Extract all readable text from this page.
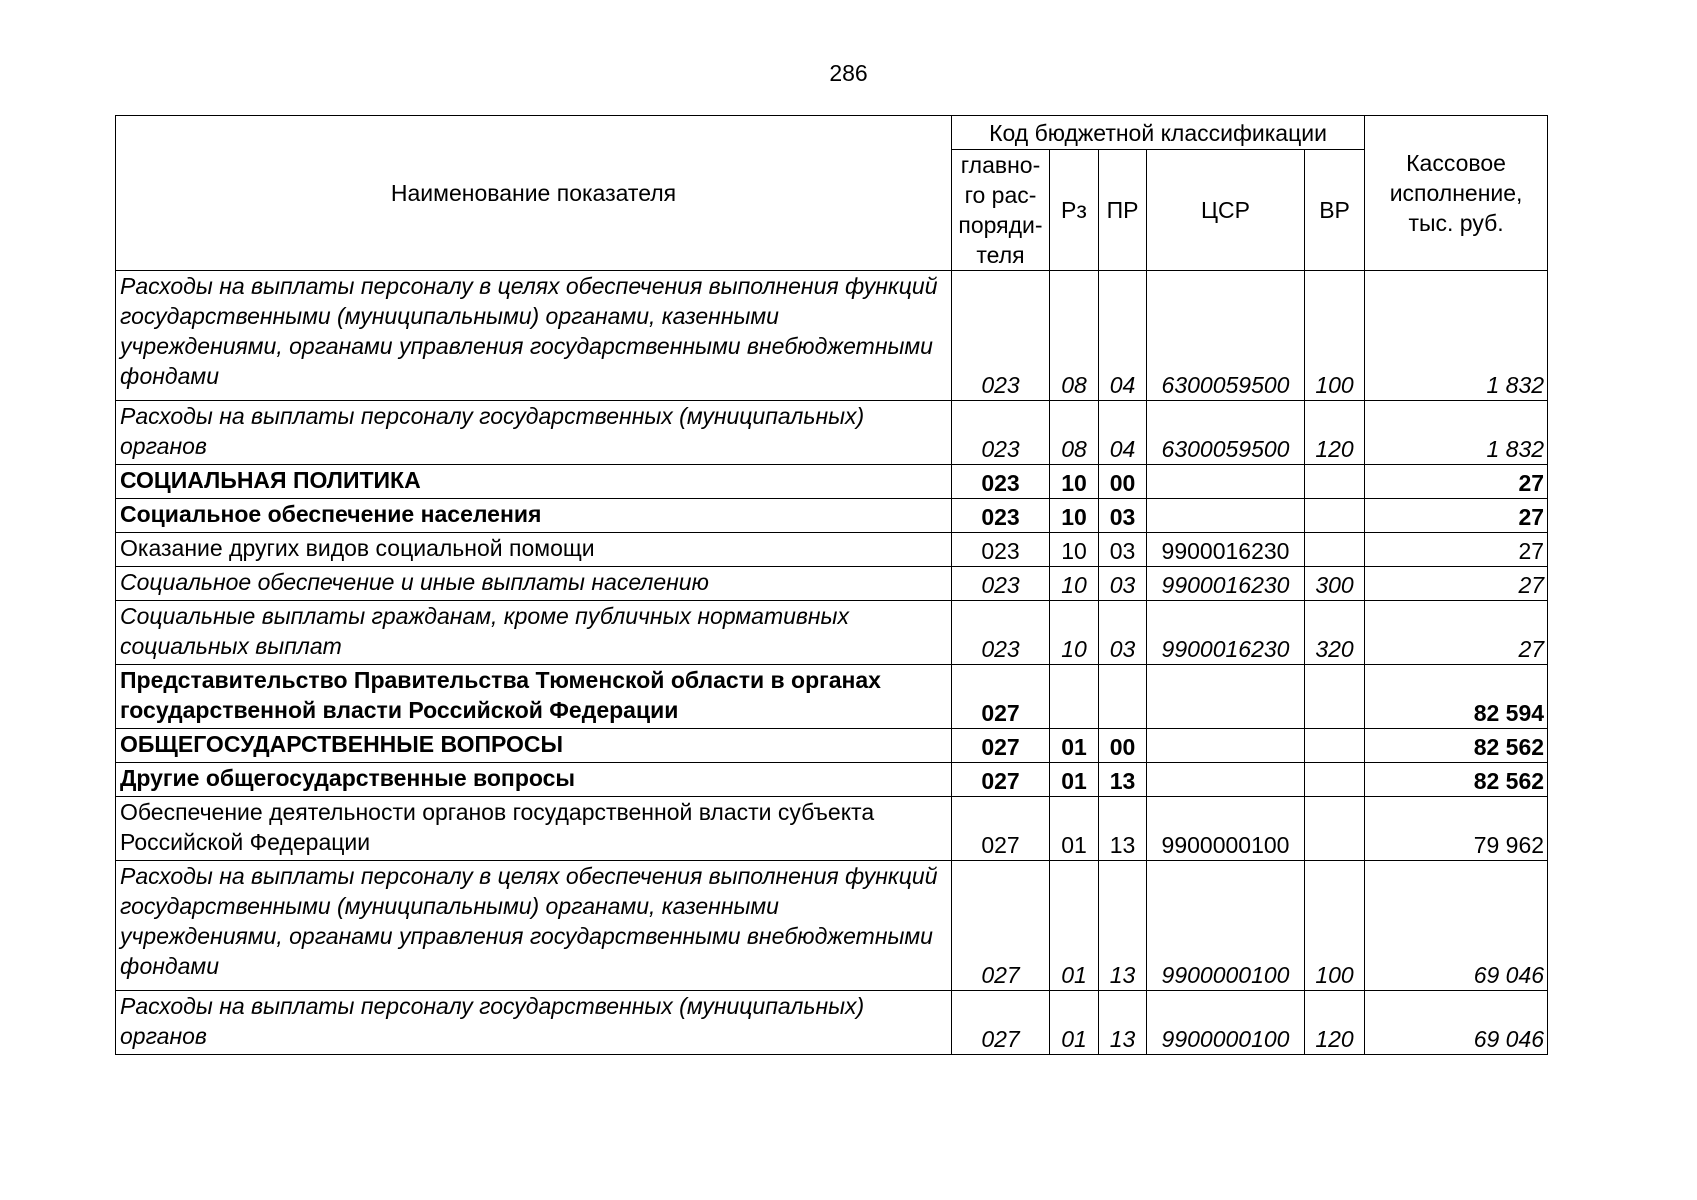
286
Наименование показателя	Код бюджетной классификации					Кассовое исполнение, тыс. руб.
	главно-го рас-поряди-теля	Рз	ПР	ЦСР	ВР	
Расходы на выплаты персоналу в целях обеспечения выполнения функций государственными (муниципальными) органами, казенными учреждениями, органами управления государственными внебюджетными фондами	023	08	04	6300059500	100	1 832
Расходы на выплаты персоналу государственных (муниципальных) органов	023	08	04	6300059500	120	1 832
СОЦИАЛЬНАЯ ПОЛИТИКА	023	10	00			27
Социальное обеспечение населения	023	10	03			27
Оказание других видов социальной помощи	023	10	03	9900016230		27
Социальное обеспечение и иные выплаты населению	023	10	03	9900016230	300	27
Социальные выплаты гражданам, кроме публичных нормативных социальных выплат	023	10	03	9900016230	320	27
Представительство Правительства Тюменской области в органах государственной власти Российской Федерации	027					82 594
ОБЩЕГОСУДАРСТВЕННЫЕ ВОПРОСЫ	027	01	00			82 562
Другие общегосударственные вопросы	027	01	13			82 562
Обеспечение деятельности органов государственной власти субъекта Российской Федерации	027	01	13	9900000100		79 962
Расходы на выплаты персоналу в целях обеспечения выполнения функций государственными (муниципальными) органами, казенными учреждениями, органами управления государственными внебюджетными фондами	027	01	13	9900000100	100	69 046
Расходы на выплаты персоналу государственных (муниципальных) органов	027	01	13	9900000100	120	69 046
